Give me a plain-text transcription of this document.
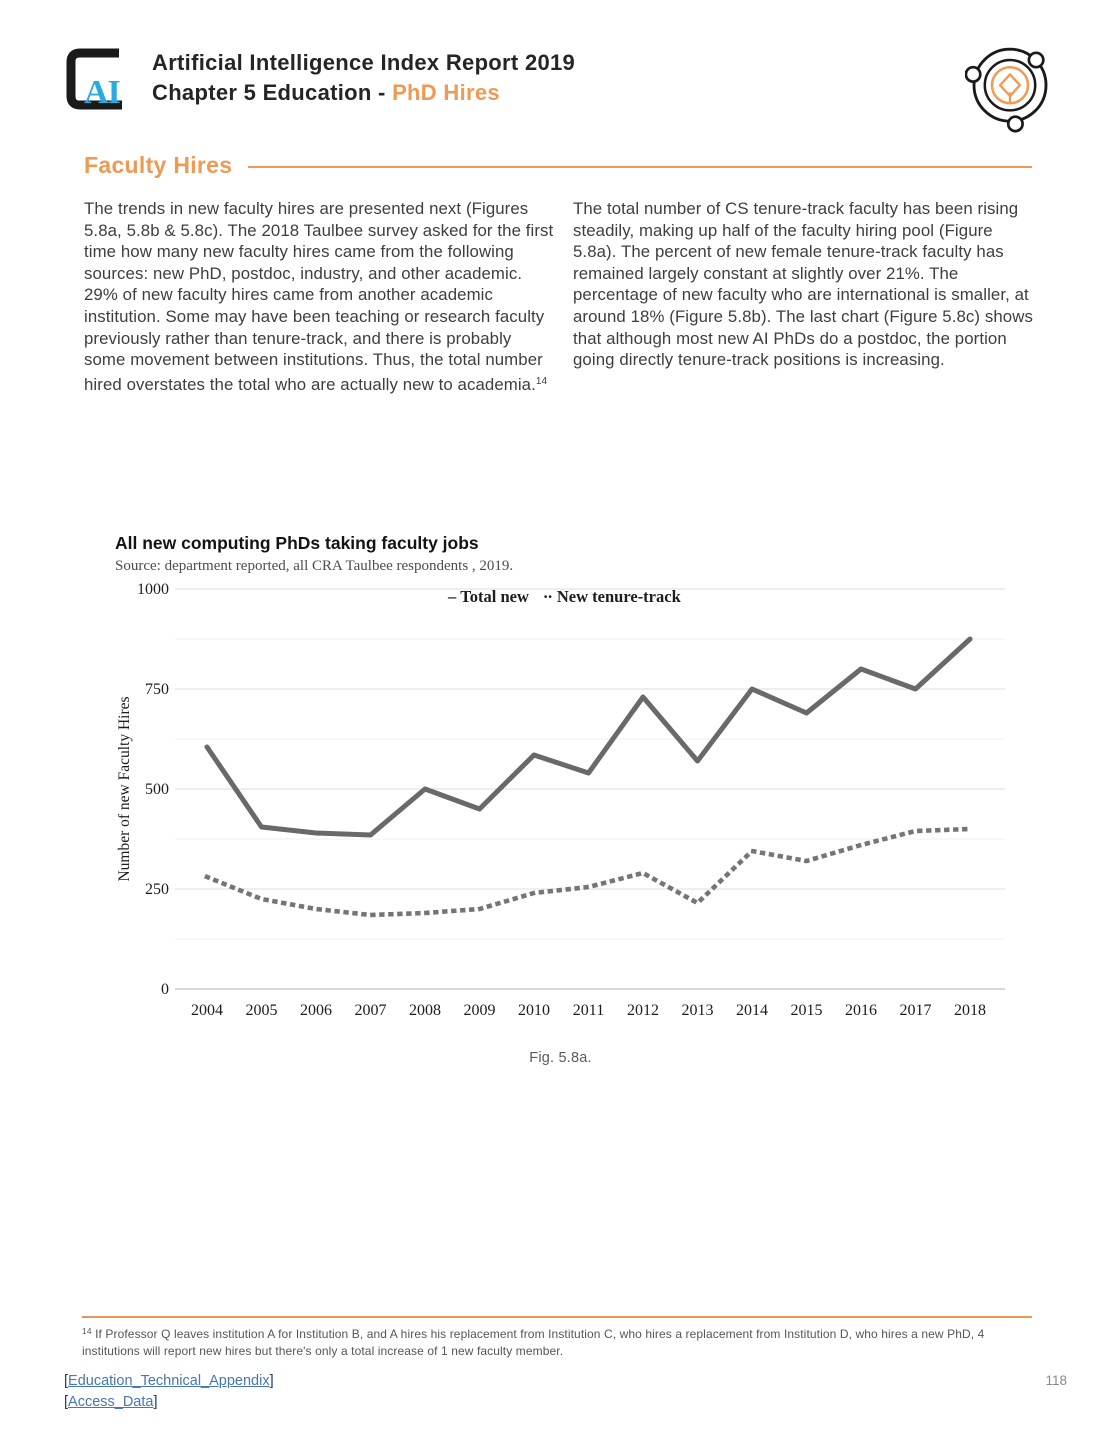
AI
Artificial Intelligence Index Report 2019
Chapter 5 Education - PhD Hires
Faculty Hires

The trends in new faculty hires are presented next (Figures 5.8a, 5.8b & 5.8c). The 2018 Taulbee survey asked for the first time how many new faculty hires came from the following sources: new PhD, postdoc, industry, and other academic. 29% of new faculty hires came from another academic institution. Some may have been teaching or research faculty previously rather than tenure-track, and there is probably some movement between institutions. Thus, the total number hired overstates the total who are actually new to academia.$^{14}$

The total number of CS tenure-track faculty has been rising steadily, making up half of the faculty hiring pool (Figure 5.8a). The percent of new female tenure-track faculty has remained largely constant at slightly over 21%. The percentage of new faculty who are international is smaller, at around 18% (Figure 5.8b). The last chart (Figure 5.8c) shows that although most new AI PhDs do a postdoc, the portion going directly tenure-track positions is increasing.

All new computing PhDs taking faculty jobs
Source: department reported, all CRA Taulbee respondents , 2019.
0
250
500
750
1000
2004 2005 2006 2007 2008 2009 2010 2011 2012 2013 2014 2015 2016 2017 2018
Number of new Faculty Hires
– Total new ·· New tenure-track
Fig. 5.8a.
$^{14}$ If Professor Q leaves institution A for Institution B, and A hires his replacement from Institution C, who hires a replacement from Institution D, who hires a new PhD, 4 institutions will report new hires but there's only a total increase of 1 new faculty member.
[Education_Technical_Appendix]
[Access_Data]
118
